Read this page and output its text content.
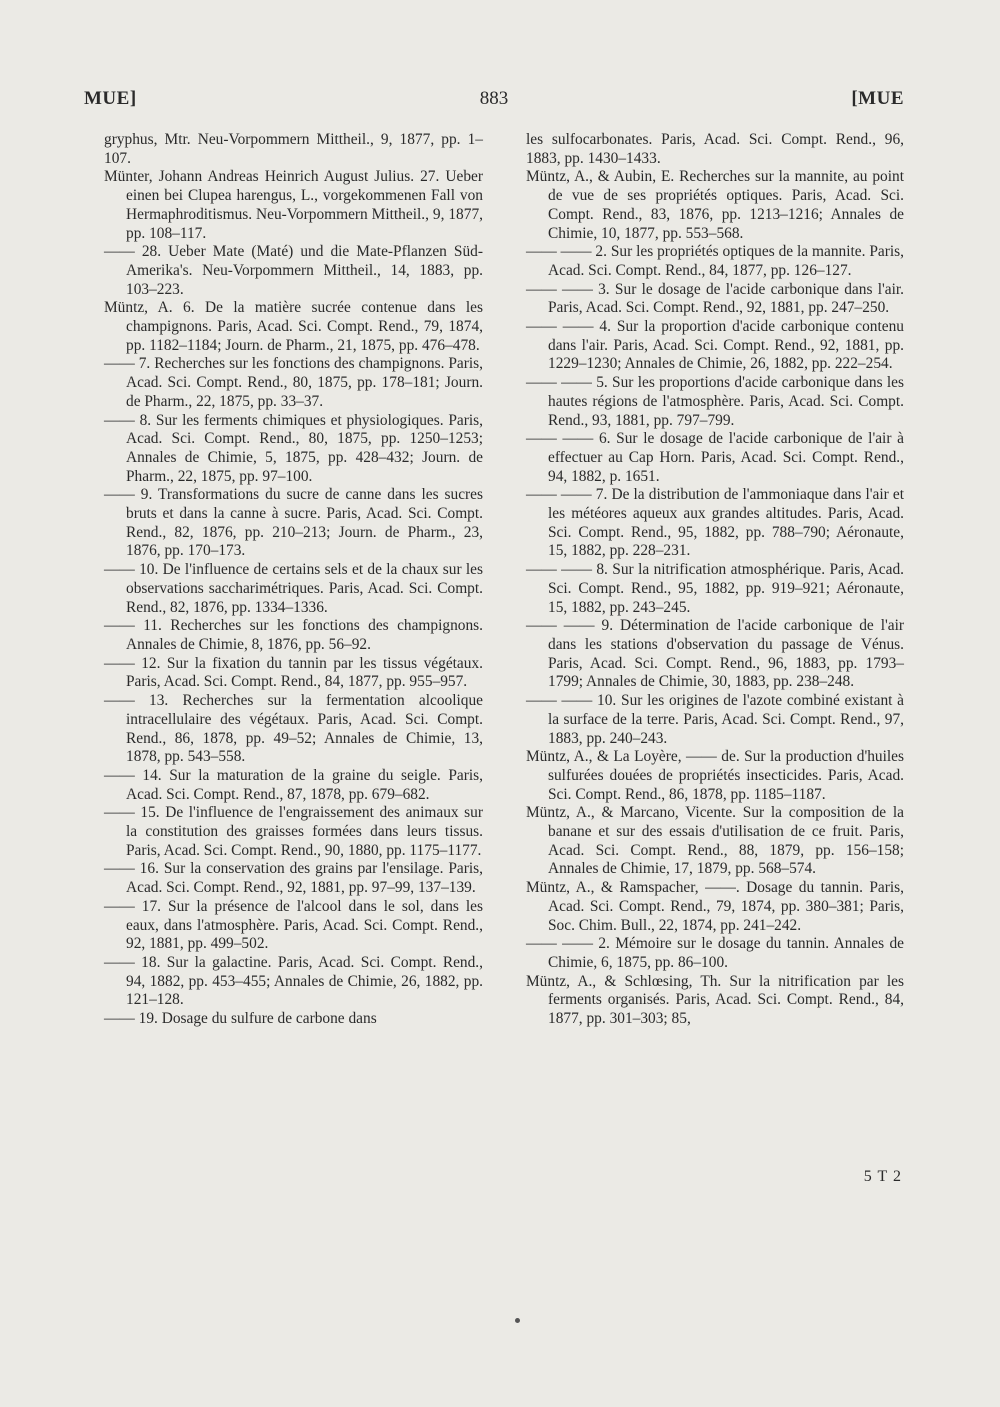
MUE]	883	[MUE

gryphus, Mtr. Neu-Vorpommern Mittheil., 9, 1877, pp. 1–107.

Münter, Johann Andreas Heinrich August Julius. 27. Ueber einen bei Clupea harengus, L., vorgekommenen Fall von Hermaphroditismus. Neu-Vorpommern Mittheil., 9, 1877, pp. 108–117.

—— 28. Ueber Mate (Maté) und die Mate-Pflanzen Süd-Amerika's. Neu-Vorpommern Mittheil., 14, 1883, pp. 103–223.

Müntz, A. 6. De la matière sucrée contenue dans les champignons. Paris, Acad. Sci. Compt. Rend., 79, 1874, pp. 1182–1184; Journ. de Pharm., 21, 1875, pp. 476–478.

—— 7. Recherches sur les fonctions des champignons. Paris, Acad. Sci. Compt. Rend., 80, 1875, pp. 178–181; Journ. de Pharm., 22, 1875, pp. 33–37.

—— 8. Sur les ferments chimiques et physiologiques. Paris, Acad. Sci. Compt. Rend., 80, 1875, pp. 1250–1253; Annales de Chimie, 5, 1875, pp. 428–432; Journ. de Pharm., 22, 1875, pp. 97–100.

—— 9. Transformations du sucre de canne dans les sucres bruts et dans la canne à sucre. Paris, Acad. Sci. Compt. Rend., 82, 1876, pp. 210–213; Journ. de Pharm., 23, 1876, pp. 170–173.

—— 10. De l'influence de certains sels et de la chaux sur les observations saccharimétriques. Paris, Acad. Sci. Compt. Rend., 82, 1876, pp. 1334–1336.

—— 11. Recherches sur les fonctions des champignons. Annales de Chimie, 8, 1876, pp. 56–92.

—— 12. Sur la fixation du tannin par les tissus végétaux. Paris, Acad. Sci. Compt. Rend., 84, 1877, pp. 955–957.

—— 13. Recherches sur la fermentation alcoolique intracellulaire des végétaux. Paris, Acad. Sci. Compt. Rend., 86, 1878, pp. 49–52; Annales de Chimie, 13, 1878, pp. 543–558.

—— 14. Sur la maturation de la graine du seigle. Paris, Acad. Sci. Compt. Rend., 87, 1878, pp. 679–682.

—— 15. De l'influence de l'engraissement des animaux sur la constitution des graisses formées dans leurs tissus. Paris, Acad. Sci. Compt. Rend., 90, 1880, pp. 1175–1177.

—— 16. Sur la conservation des grains par l'ensilage. Paris, Acad. Sci. Compt. Rend., 92, 1881, pp. 97–99, 137–139.

—— 17. Sur la présence de l'alcool dans le sol, dans les eaux, dans l'atmosphère. Paris, Acad. Sci. Compt. Rend., 92, 1881, pp. 499–502.

—— 18. Sur la galactine. Paris, Acad. Sci. Compt. Rend., 94, 1882, pp. 453–455; Annales de Chimie, 26, 1882, pp. 121–128.

—— 19. Dosage du sulfure de carbone dans

les sulfocarbonates. Paris, Acad. Sci. Compt. Rend., 96, 1883, pp. 1430–1433.

Müntz, A., & Aubin, E. Recherches sur la mannite, au point de vue de ses propriétés optiques. Paris, Acad. Sci. Compt. Rend., 83, 1876, pp. 1213–1216; Annales de Chimie, 10, 1877, pp. 553–568.

—— —— 2. Sur les propriétés optiques de la mannite. Paris, Acad. Sci. Compt. Rend., 84, 1877, pp. 126–127.

—— —— 3. Sur le dosage de l'acide carbonique dans l'air. Paris, Acad. Sci. Compt. Rend., 92, 1881, pp. 247–250.

—— —— 4. Sur la proportion d'acide carbonique contenu dans l'air. Paris, Acad. Sci. Compt. Rend., 92, 1881, pp. 1229–1230; Annales de Chimie, 26, 1882, pp. 222–254.

—— —— 5. Sur les proportions d'acide carbonique dans les hautes régions de l'atmosphère. Paris, Acad. Sci. Compt. Rend., 93, 1881, pp. 797–799.

—— —— 6. Sur le dosage de l'acide carbonique de l'air à effectuer au Cap Horn. Paris, Acad. Sci. Compt. Rend., 94, 1882, p. 1651.

—— —— 7. De la distribution de l'ammoniaque dans l'air et les météores aqueux aux grandes altitudes. Paris, Acad. Sci. Compt. Rend., 95, 1882, pp. 788–790; Aéronaute, 15, 1882, pp. 228–231.

—— —— 8. Sur la nitrification atmosphérique. Paris, Acad. Sci. Compt. Rend., 95, 1882, pp. 919–921; Aéronaute, 15, 1882, pp. 243–245.

—— —— 9. Détermination de l'acide carbonique de l'air dans les stations d'observation du passage de Vénus. Paris, Acad. Sci. Compt. Rend., 96, 1883, pp. 1793–1799; Annales de Chimie, 30, 1883, pp. 238–248.

—— —— 10. Sur les origines de l'azote combiné existant à la surface de la terre. Paris, Acad. Sci. Compt. Rend., 97, 1883, pp. 240–243.

Müntz, A., & La Loyère, —— de. Sur la production d'huiles sulfurées douées de propriétés insecticides. Paris, Acad. Sci. Compt. Rend., 86, 1878, pp. 1185–1187.

Müntz, A., & Marcano, Vicente. Sur la composition de la banane et sur des essais d'utilisation de ce fruit. Paris, Acad. Sci. Compt. Rend., 88, 1879, pp. 156–158; Annales de Chimie, 17, 1879, pp. 568–574.

Müntz, A., & Ramspacher, ——. Dosage du tannin. Paris, Acad. Sci. Compt. Rend., 79, 1874, pp. 380–381; Paris, Soc. Chim. Bull., 22, 1874, pp. 241–242.

—— —— 2. Mémoire sur le dosage du tannin. Annales de Chimie, 6, 1875, pp. 86–100.

Müntz, A., & Schlœsing, Th. Sur la nitrification par les ferments organisés. Paris, Acad. Sci. Compt. Rend., 84, 1877, pp. 301–303; 85,

5 T 2
